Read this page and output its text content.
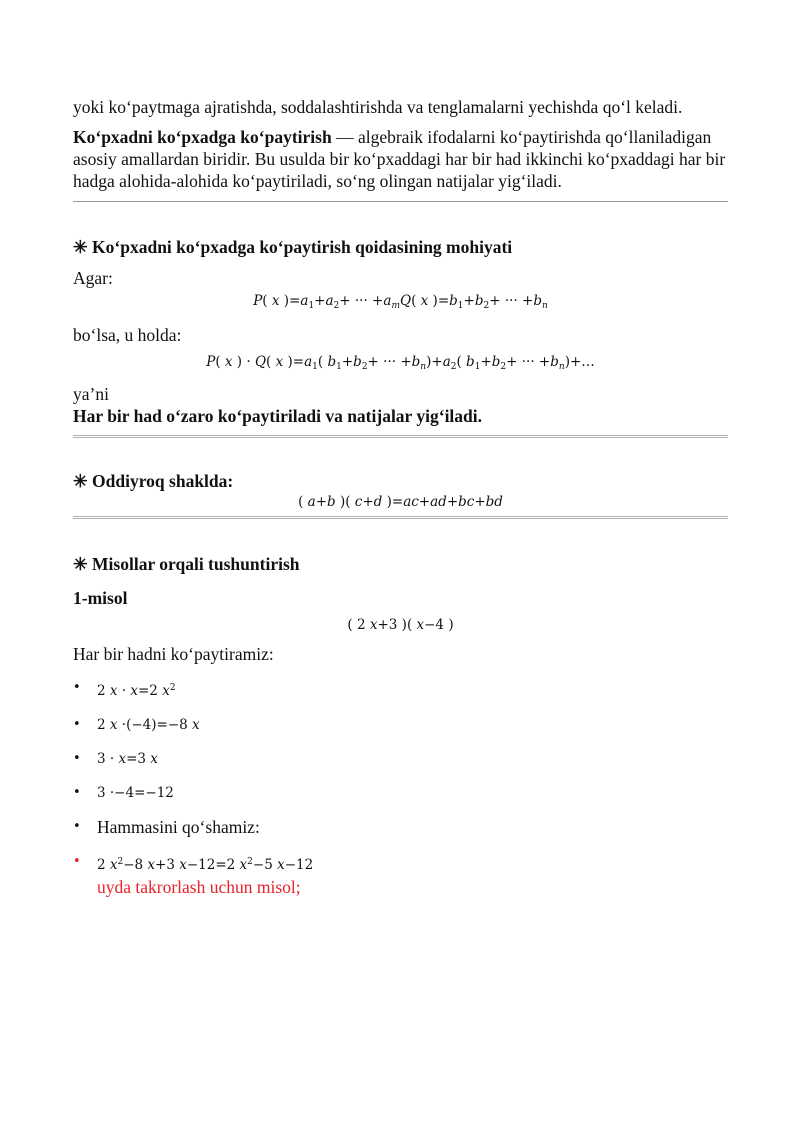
yoki ko‘paytmaga ajratishda, soddalashtirishda va tenglamalarni yechishda qo‘l keladi.

Ko‘pxadni ko‘pxadga ko‘paytirish — algebraik ifodalarni ko‘paytirishda qo‘llaniladigan asosiy amallardan biridir. Bu usulda bir ko‘pxaddagi har bir had ikkinchi ko‘pxaddagi har bir hadga alohida-alohida ko‘paytiriladi, so‘ng olingan natijalar yig‘iladi.

✳ Ko‘pxadni ko‘pxadga ko‘paytirish qoidasining mohiyati

Agar:

P( x )$=a_1+a_2+$ ··· $+a_mQ$( x )$=b_1+b_2+$ ··· $+b_n$

bo‘lsa, u holda:

P( x ) · Q( x )$=a_1$( $b_1+b_2+$ ··· $+b_n)+a_2$( $b_1+b_2+$ ··· $+b_n)+\dots$

ya’ni

Har bir had o‘zaro ko‘paytiriladi va natijalar yig‘iladi.

✳ Oddiyroq shaklda:
( a+b )( c+d )=ac+ad+bc+bd
✳ Misollar orqali tushuntirish
1-misol
( 2 x+3 )( x−4 )

Har bir hadni ko‘paytiramiz:

• 2 x · x=2 $x^2$
• 2 x ·(−4)=−8 x
• 3 · x=3 x
• 3 ·−4=−12
• Hammasini qo‘shamiz:
• 2 $x^2-8$ x+3 x−12=2 $x^2-5$ x−12
uyda takrorlash uchun misol;
